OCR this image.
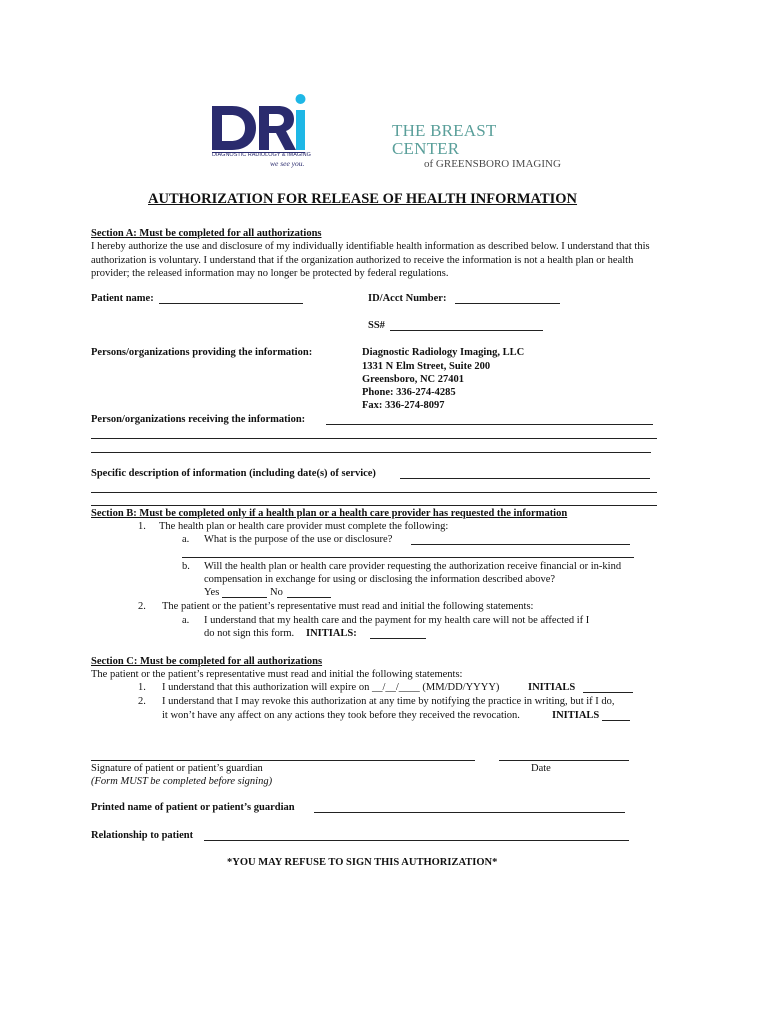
DIAGNOSTIC RADIOLOGY & IMAGING
we see you.
THE BREAST CENTER
of GREENSBORO IMAGING
AUTHORIZATION FOR RELEASE OF HEALTH INFORMATION
Section A: Must be completed for all authorizations
I hereby authorize the use and disclosure of my individually identifiable health information as described below. I understand that this authorization is voluntary. I understand that if the organization authorized to receive the information is not a health plan or health provider; the released information may no longer be protected by federal regulations.
Patient name:	ID/Acct Number:
SS#
Persons/organizations providing the information:	Diagnostic Radiology Imaging, LLC
1331 N Elm Street, Suite 200
Greensboro, NC 27401
Phone: 336-274-4285
Fax: 336-274-8097
Person/organizations receiving the information:
Specific description of information (including date(s) of service)
Section B: Must be completed only if a health plan or a health care provider has requested the information
1. The health plan or health care provider must complete the following:
a. What is the purpose of the use or disclosure?
b. Will the health plan or health care provider requesting the authorization receive financial or in-kind
compensation in exchange for using or disclosing the information described above?
Yes	No
2. The patient or the patient’s representative must read and initial the following statements:
a. I understand that my health care and the payment for my health care will not be affected if I
do not sign this form. INITIALS:
Section C: Must be completed for all authorizations
The patient or the patient’s representative must read and initial the following statements:
1. I understand that this authorization will expire on __/__/____ (MM/DD/YYYY)	INITIALS
2. I understand that I may revoke this authorization at any time by notifying the practice in writing, but if I do,
it won’t have any affect on any actions they took before they received the revocation.	INITIALS
Signature of patient or patient’s guardian	Date
(Form MUST be completed before signing)
Printed name of patient or patient’s guardian
Relationship to patient
*YOU MAY REFUSE TO SIGN THIS AUTHORIZATION*
